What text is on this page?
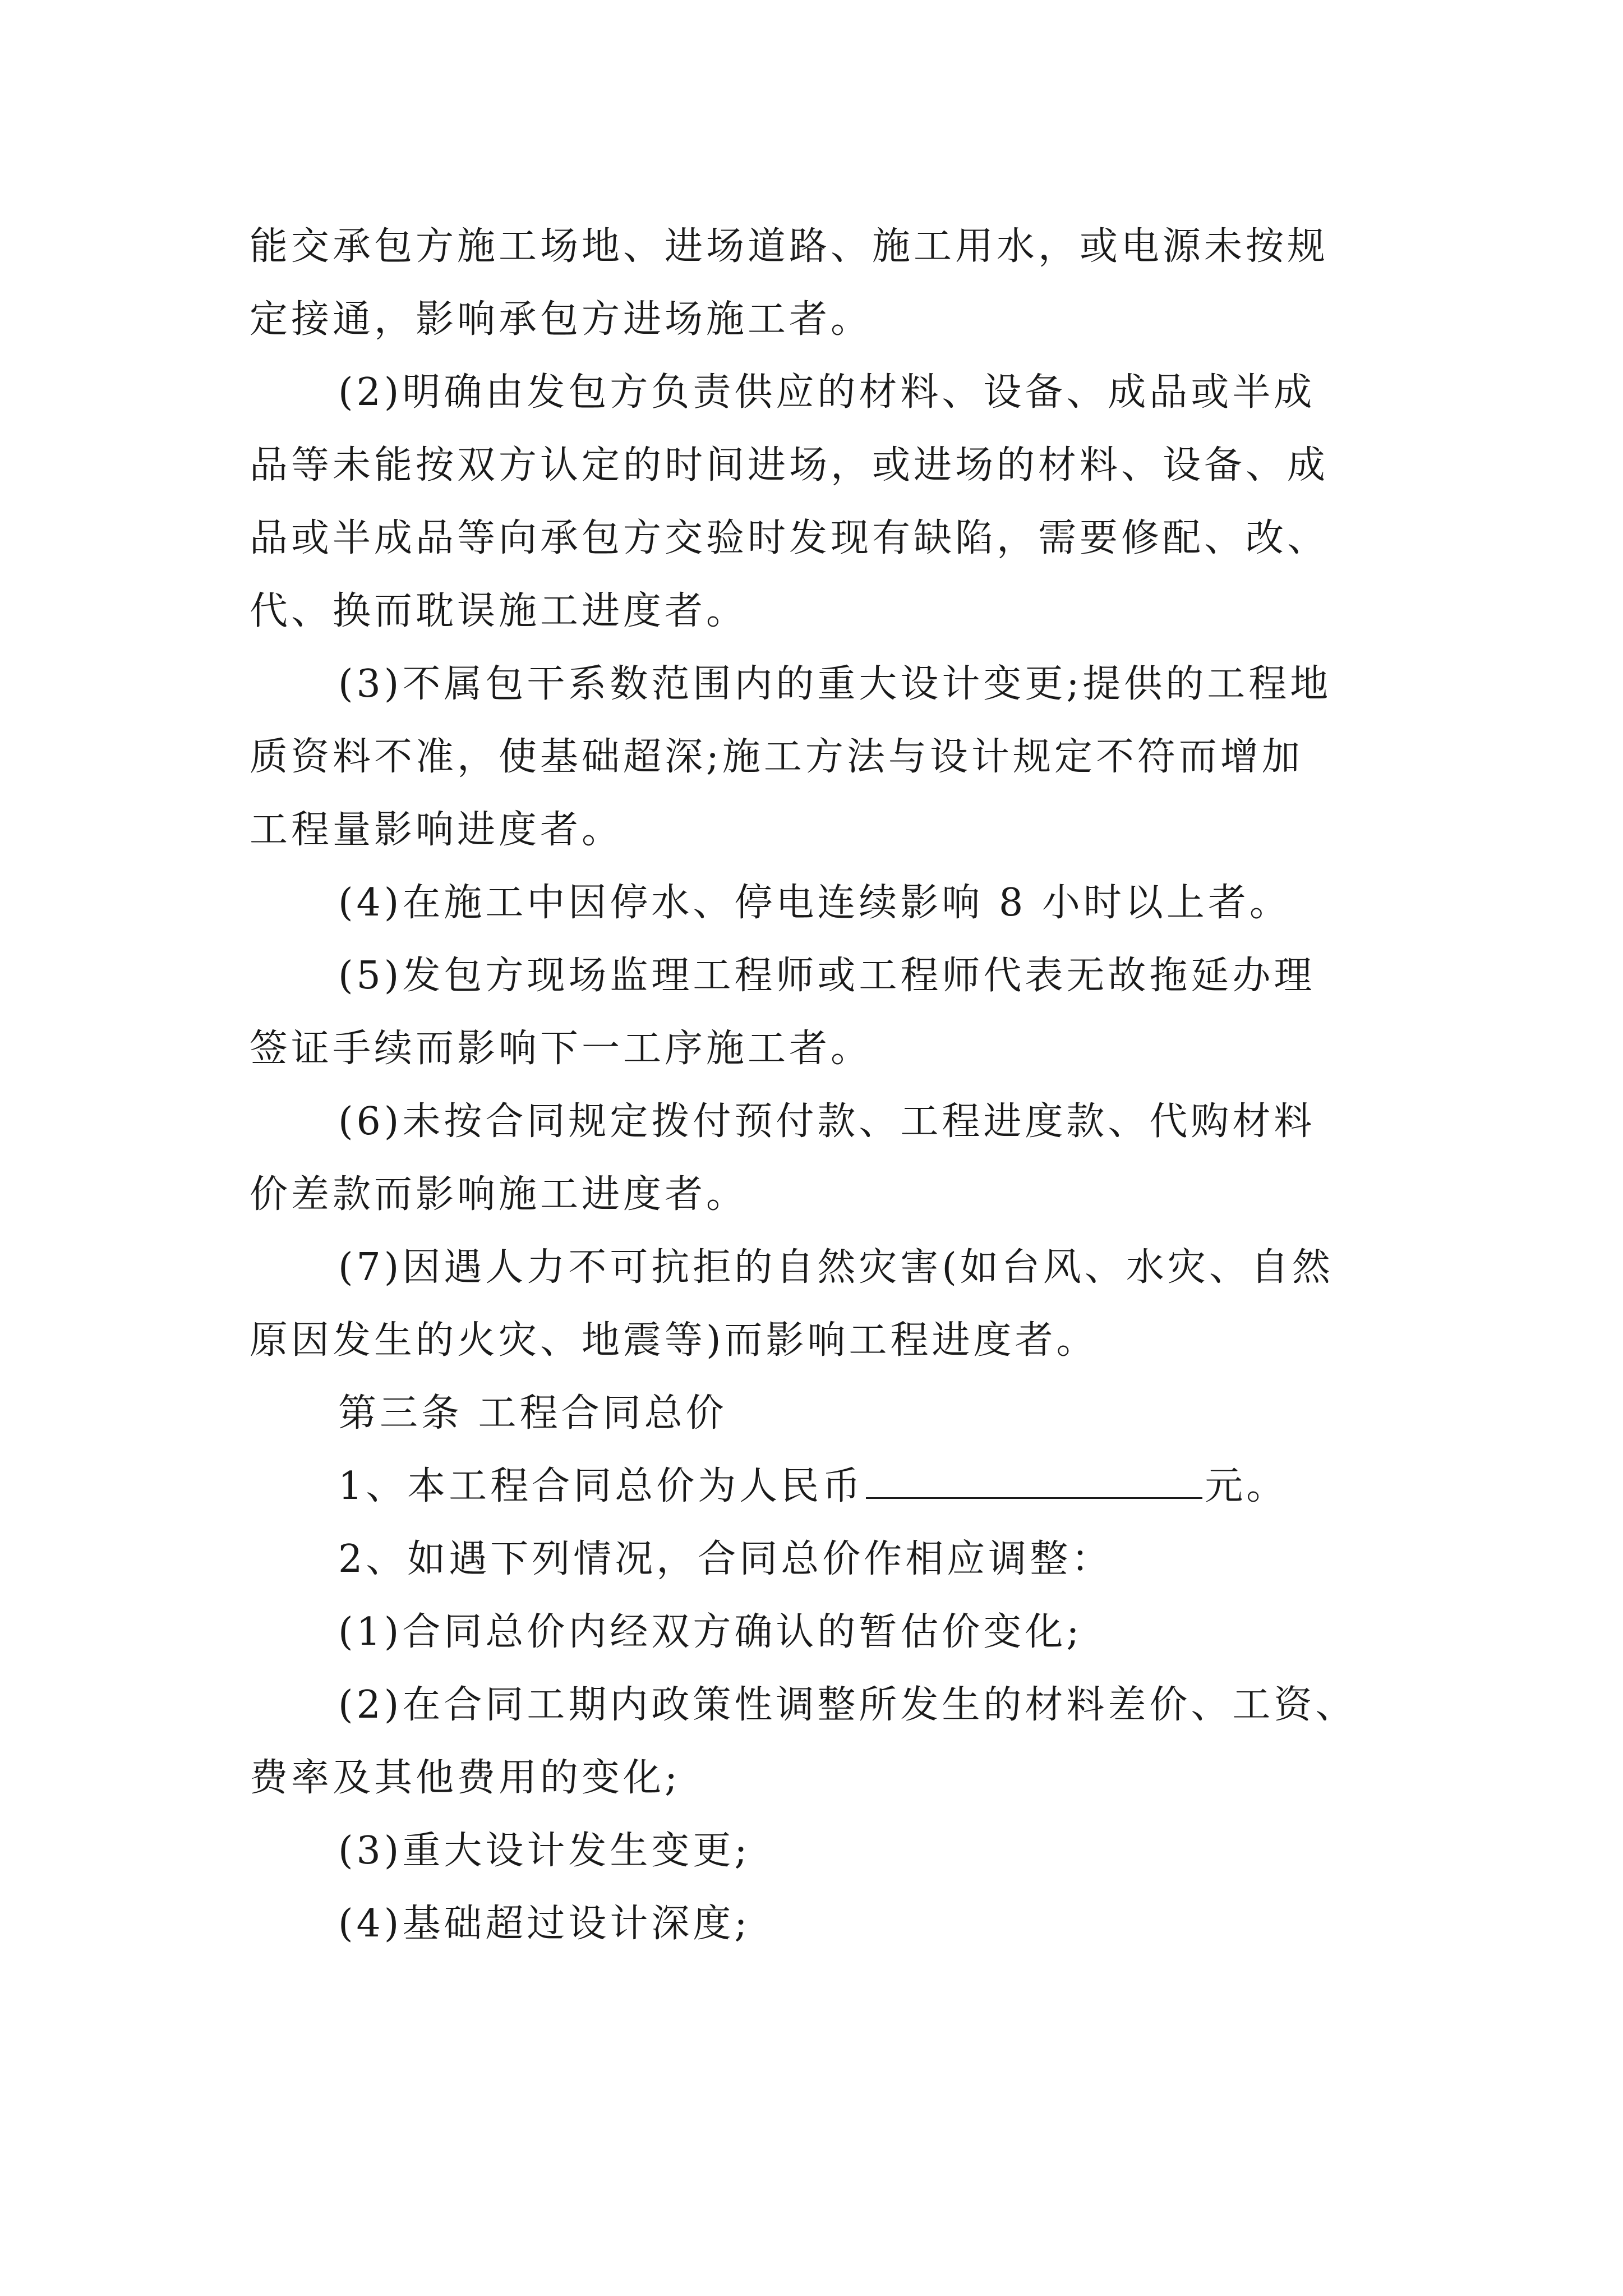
能交承包方施工场地、进场道路、施工用水，或电源未按规
定接通，影响承包方进场施工者。
(2)明确由发包方负责供应的材料、设备、成品或半成
品等未能按双方认定的时间进场，或进场的材料、设备、成
品或半成品等向承包方交验时发现有缺陷，需要修配、改、
代、换而耽误施工进度者。
(3)不属包干系数范围内的重大设计变更;提供的工程地
质资料不准，使基础超深;施工方法与设计规定不符而增加
工程量影响进度者。
(4)在施工中因停水、停电连续影响 8 小时以上者。
(5)发包方现场监理工程师或工程师代表无故拖延办理
签证手续而影响下一工序施工者。
(6)未按合同规定拨付预付款、工程进度款、代购材料
价差款而影响施工进度者。
(7)因遇人力不可抗拒的自然灾害(如台风、水灾、自然
原因发生的火灾、地震等)而影响工程进度者。
第三条 工程合同总价
1、本工程合同总价为人民币	元。
2、如遇下列情况，合同总价作相应调整：
(1)合同总价内经双方确认的暂估价变化;
(2)在合同工期内政策性调整所发生的材料差价、工资、
费率及其他费用的变化;
(3)重大设计发生变更;
(4)基础超过设计深度;
